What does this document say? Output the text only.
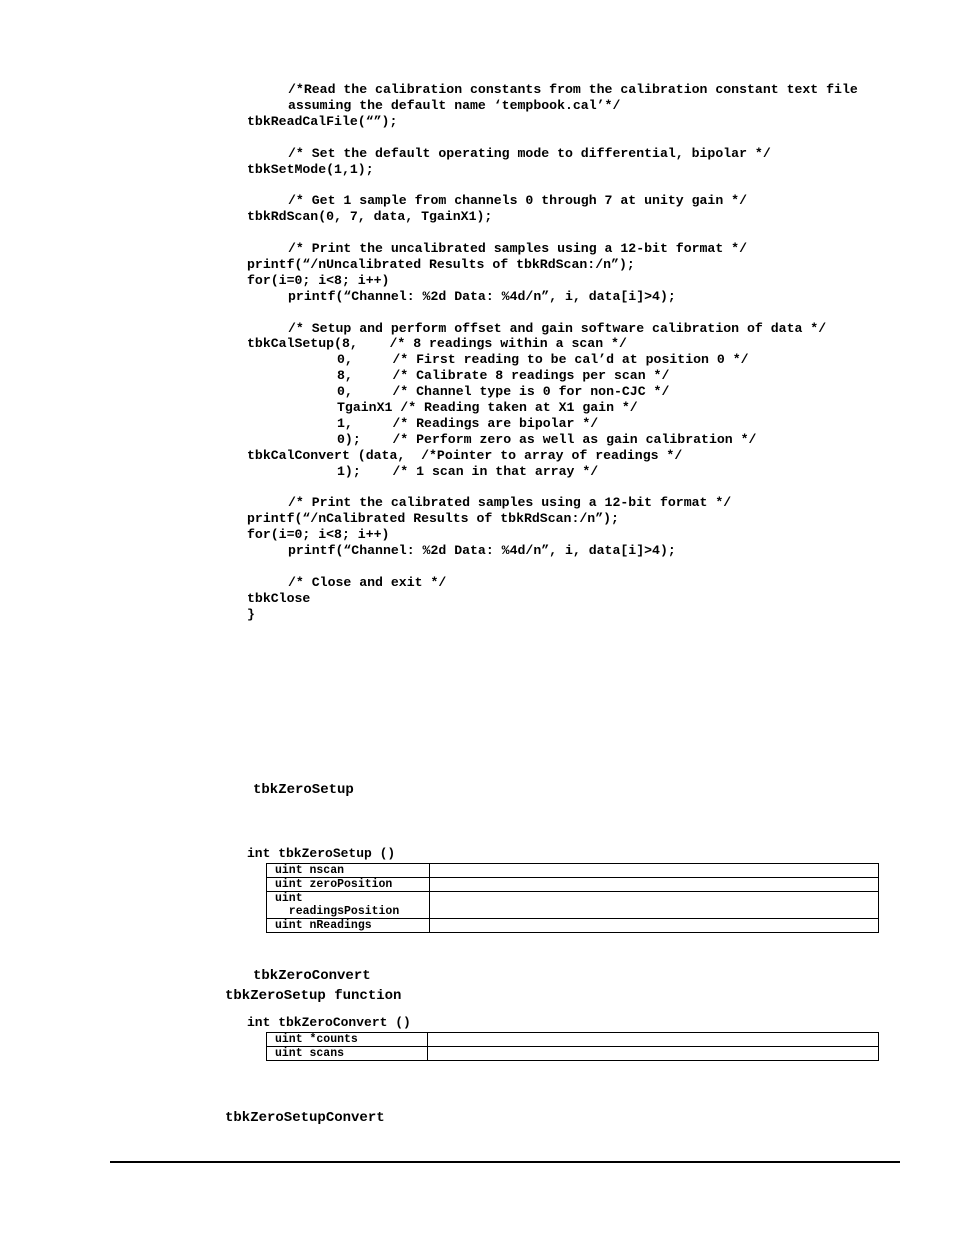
/*Read the calibration constants from the calibration constant text file
assuming the default name ‘tempbook.cal’*/
tbkReadCalFile(“”);
/* Set the default operating mode to differential, bipolar */
tbkSetMode(1,1);
/* Get 1 sample from channels 0 through 7 at unity gain */
tbkRdScan(0, 7, data, TgainX1);
/* Print the uncalibrated samples using a 12-bit format */
printf(“/nUncalibrated Results of tbkRdScan:/n”);
for(i=0; i<8; i++)
printf(“Channel: %2d Data: %4d/n”, i, data[i]>4);
/* Setup and perform offset and gain software calibration of data */
tbkCalSetup(8,    /* 8 readings within a scan */
0,     /* First reading to be cal’d at position 0 */
8,     /* Calibrate 8 readings per scan */
0,     /* Channel type is 0 for non-CJC */
TgainX1 /* Reading taken at X1 gain */
1,     /* Readings are bipolar */
0);    /* Perform zero as well as gain calibration */
tbkCalConvert (data,  /*Pointer to array of readings */
1);    /* 1 scan in that array */
/* Print the calibrated samples using a 12-bit format */
printf(“/nCalibrated Results of tbkRdScan:/n”);
for(i=0; i<8; i++)
printf(“Channel: %2d Data: %4d/n”, i, data[i]>4);
/* Close and exit */
tbkClose
}
tbkZeroSetup
int tbkZeroSetup ()
uint nscan	
uint zeroPosition	
uint
readingsPosition	
uint nReadings	
tbkZeroConvert
tbkZeroSetup function
int tbkZeroConvert ()
uint *counts	
uint scans	
tbkZeroSetupConvert
